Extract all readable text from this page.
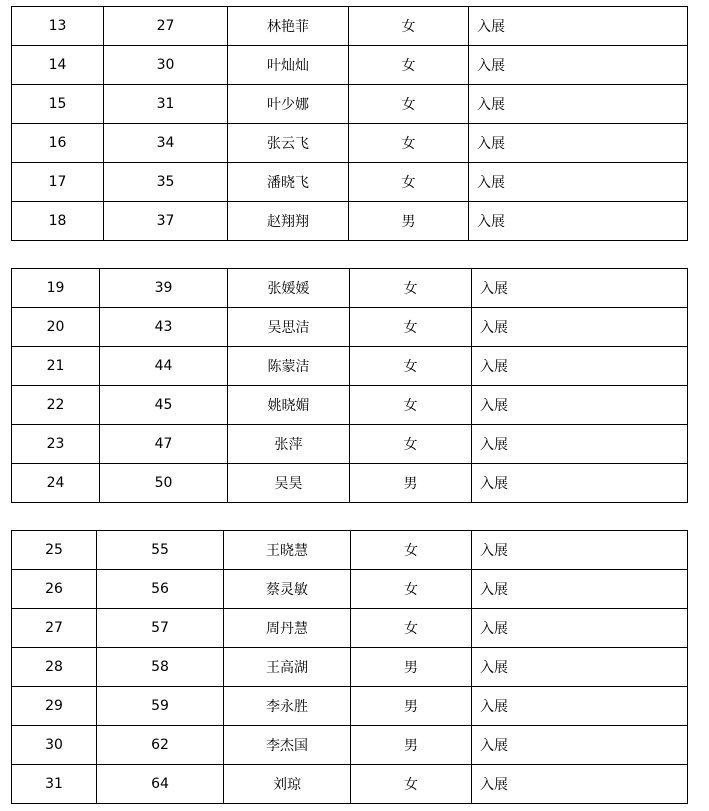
13	27	林艳菲	女	入展
14	30	叶灿灿	女	入展
15	31	叶少娜	女	入展
16	34	张云飞	女	入展
17	35	潘晓飞	女	入展
18	37	赵翔翔	男	入展
19	39	张媛媛	女	入展
20	43	吴思洁	女	入展
21	44	陈蒙洁	女	入展
22	45	姚晓媚	女	入展
23	47	张萍	女	入展
24	50	吴昊	男	入展
25	55	王晓慧	女	入展
26	56	蔡灵敏	女	入展
27	57	周丹慧	女	入展
28	58	王高湖	男	入展
29	59	李永胜	男	入展
30	62	李杰国	男	入展
31	64	刘琼	女	入展
